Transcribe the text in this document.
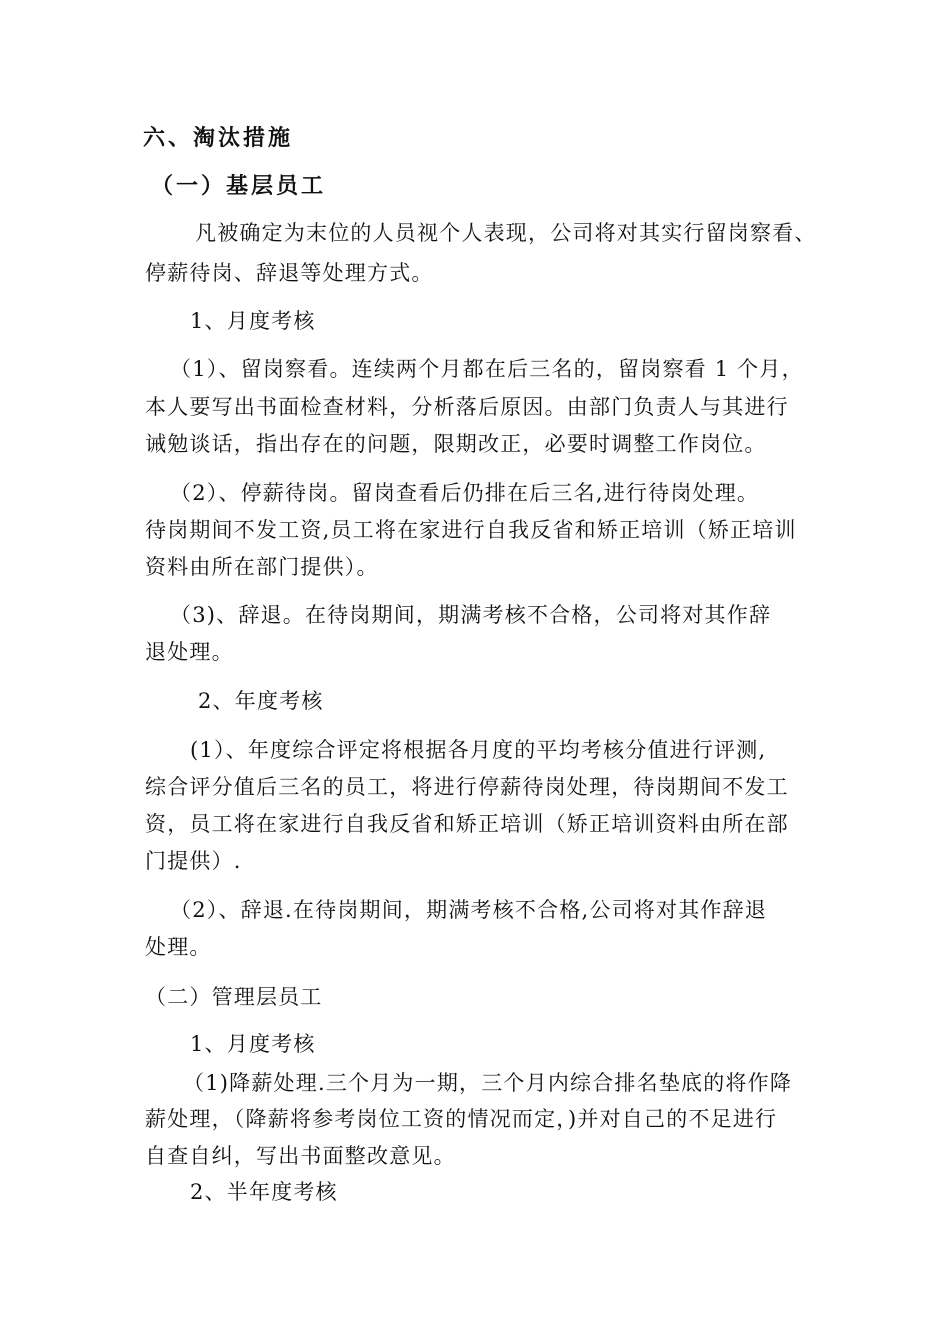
六、淘汰措施
（一）基层员工
凡被确定为末位的人员视个人表现，公司将对其实行留岗察看、
停薪待岗、辞退等处理方式。
1、月度考核
（1）、留岗察看。连续两个月都在后三名的，留岗察看 1 个月，
本人要写出书面检查材料，分析落后原因。由部门负责人与其进行
诫勉谈话，指出存在的问题，限期改正，必要时调整工作岗位。
（2）、停薪待岗。留岗查看后仍排在后三名,进行待岗处理。
待岗期间不发工资,员工将在家进行自我反省和矫正培训（矫正培训
资料由所在部门提供）。
（3)、辞退。在待岗期间，期满考核不合格，公司将对其作辞
退处理。
2、年度考核
(1）、年度综合评定将根据各月度的平均考核分值进行评测,
综合评分值后三名的员工，将进行停薪待岗处理，待岗期间不发工
资，员工将在家进行自我反省和矫正培训（矫正培训资料由所在部
门提供）.
（2）、辞退.在待岗期间，期满考核不合格,公司将对其作辞退
处理。
（二）管理层员工
1、月度考核
（1)降薪处理.三个月为一期，三个月内综合排名垫底的将作降
薪处理，（降薪将参考岗位工资的情况而定，)并对自己的不足进行
自查自纠，写出书面整改意见。
2、半年度考核
